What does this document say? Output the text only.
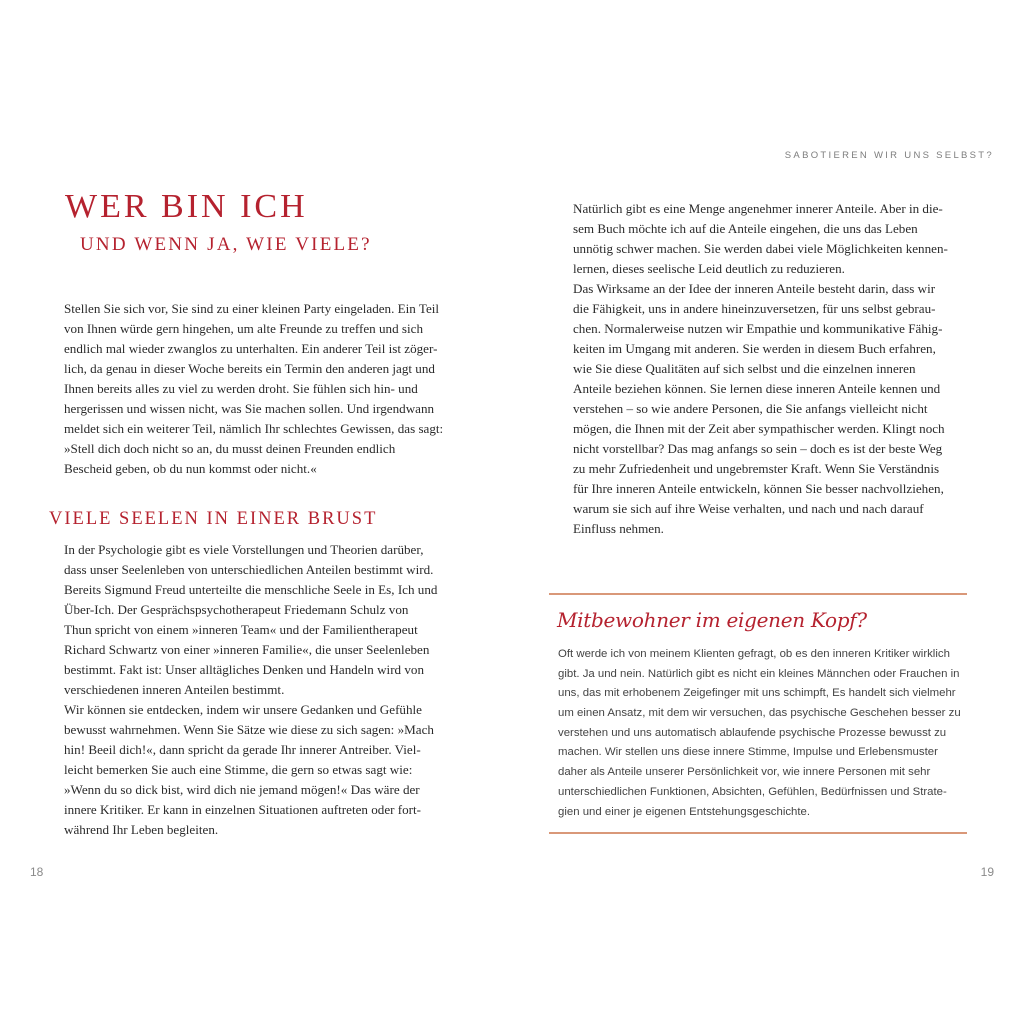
SABOTIEREN WIR UNS SELBST?
WER BIN ICH
UND WENN JA, WIE VIELE?
Stellen Sie sich vor, Sie sind zu einer kleinen Party eingeladen. Ein Teil
von Ihnen würde gern hingehen, um alte Freunde zu treffen und sich
endlich mal wieder zwanglos zu unterhalten. Ein anderer Teil ist zöger-
lich, da genau in dieser Woche bereits ein Termin den anderen jagt und
Ihnen bereits alles zu viel zu werden droht. Sie fühlen sich hin- und
hergerissen und wissen nicht, was Sie machen sollen. Und irgendwann
meldet sich ein weiterer Teil, nämlich Ihr schlechtes Gewissen, das sagt:
»Stell dich doch nicht so an, du musst deinen Freunden endlich
Bescheid geben, ob du nun kommst oder nicht.«
VIELE SEELEN IN EINER BRUST
In der Psychologie gibt es viele Vorstellungen und Theorien darüber,
dass unser Seelenleben von unterschiedlichen Anteilen bestimmt wird.
Bereits Sigmund Freud unterteilte die menschliche Seele in Es, Ich und
Über-Ich. Der Gesprächspsychotherapeut Friedemann Schulz von
Thun spricht von einem »inneren Team« und der Familientherapeut
Richard Schwartz von einer »inneren Familie«, die unser Seelenleben
bestimmt. Fakt ist: Unser alltägliches Denken und Handeln wird von
verschiedenen inneren Anteilen bestimmt.
Wir können sie entdecken, indem wir unsere Gedanken und Gefühle
bewusst wahrnehmen. Wenn Sie Sätze wie diese zu sich sagen: »Mach
hin! Beeil dich!«, dann spricht da gerade Ihr innerer Antreiber. Viel-
leicht bemerken Sie auch eine Stimme, die gern so etwas sagt wie:
»Wenn du so dick bist, wird dich nie jemand mögen!« Das wäre der
innere Kritiker. Er kann in einzelnen Situationen auftreten oder fort-
während Ihr Leben begleiten.
Natürlich gibt es eine Menge angenehmer innerer Anteile. Aber in die-
sem Buch möchte ich auf die Anteile eingehen, die uns das Leben
unnötig schwer machen. Sie werden dabei viele Möglichkeiten kennen-
lernen, dieses seelische Leid deutlich zu reduzieren.
Das Wirksame an der Idee der inneren Anteile besteht darin, dass wir
die Fähigkeit, uns in andere hineinzuversetzen, für uns selbst gebrau-
chen. Normalerweise nutzen wir Empathie und kommunikative Fähig-
keiten im Umgang mit anderen. Sie werden in diesem Buch erfahren,
wie Sie diese Qualitäten auf sich selbst und die einzelnen inneren
Anteile beziehen können. Sie lernen diese inneren Anteile kennen und
verstehen – so wie andere Personen, die Sie anfangs vielleicht nicht
mögen, die Ihnen mit der Zeit aber sympathischer werden. Klingt noch
nicht vorstellbar? Das mag anfangs so sein – doch es ist der beste Weg
zu mehr Zufriedenheit und ungebremster Kraft. Wenn Sie Verständnis
für Ihre inneren Anteile entwickeln, können Sie besser nachvollziehen,
warum sie sich auf ihre Weise verhalten, und nach und nach darauf
Einfluss nehmen.
Mitbewohner im eigenen Kopf?
Oft werde ich von meinem Klienten gefragt, ob es den inneren Kritiker wirklich
gibt. Ja und nein. Natürlich gibt es nicht ein kleines Männchen oder Frauchen in
uns, das mit erhobenem Zeigefinger mit uns schimpft, Es handelt sich vielmehr
um einen Ansatz, mit dem wir versuchen, das psychische Geschehen besser zu
verstehen und uns automatisch ablaufende psychische Prozesse bewusst zu
machen. Wir stellen uns diese innere Stimme, Impulse und Erlebensmuster
daher als Anteile unserer Persönlichkeit vor, wie innere Personen mit sehr
unterschiedlichen Funktionen, Absichten, Gefühlen, Bedürfnissen und Strate-
gien und einer je eigenen Entstehungsgeschichte.
18	19
